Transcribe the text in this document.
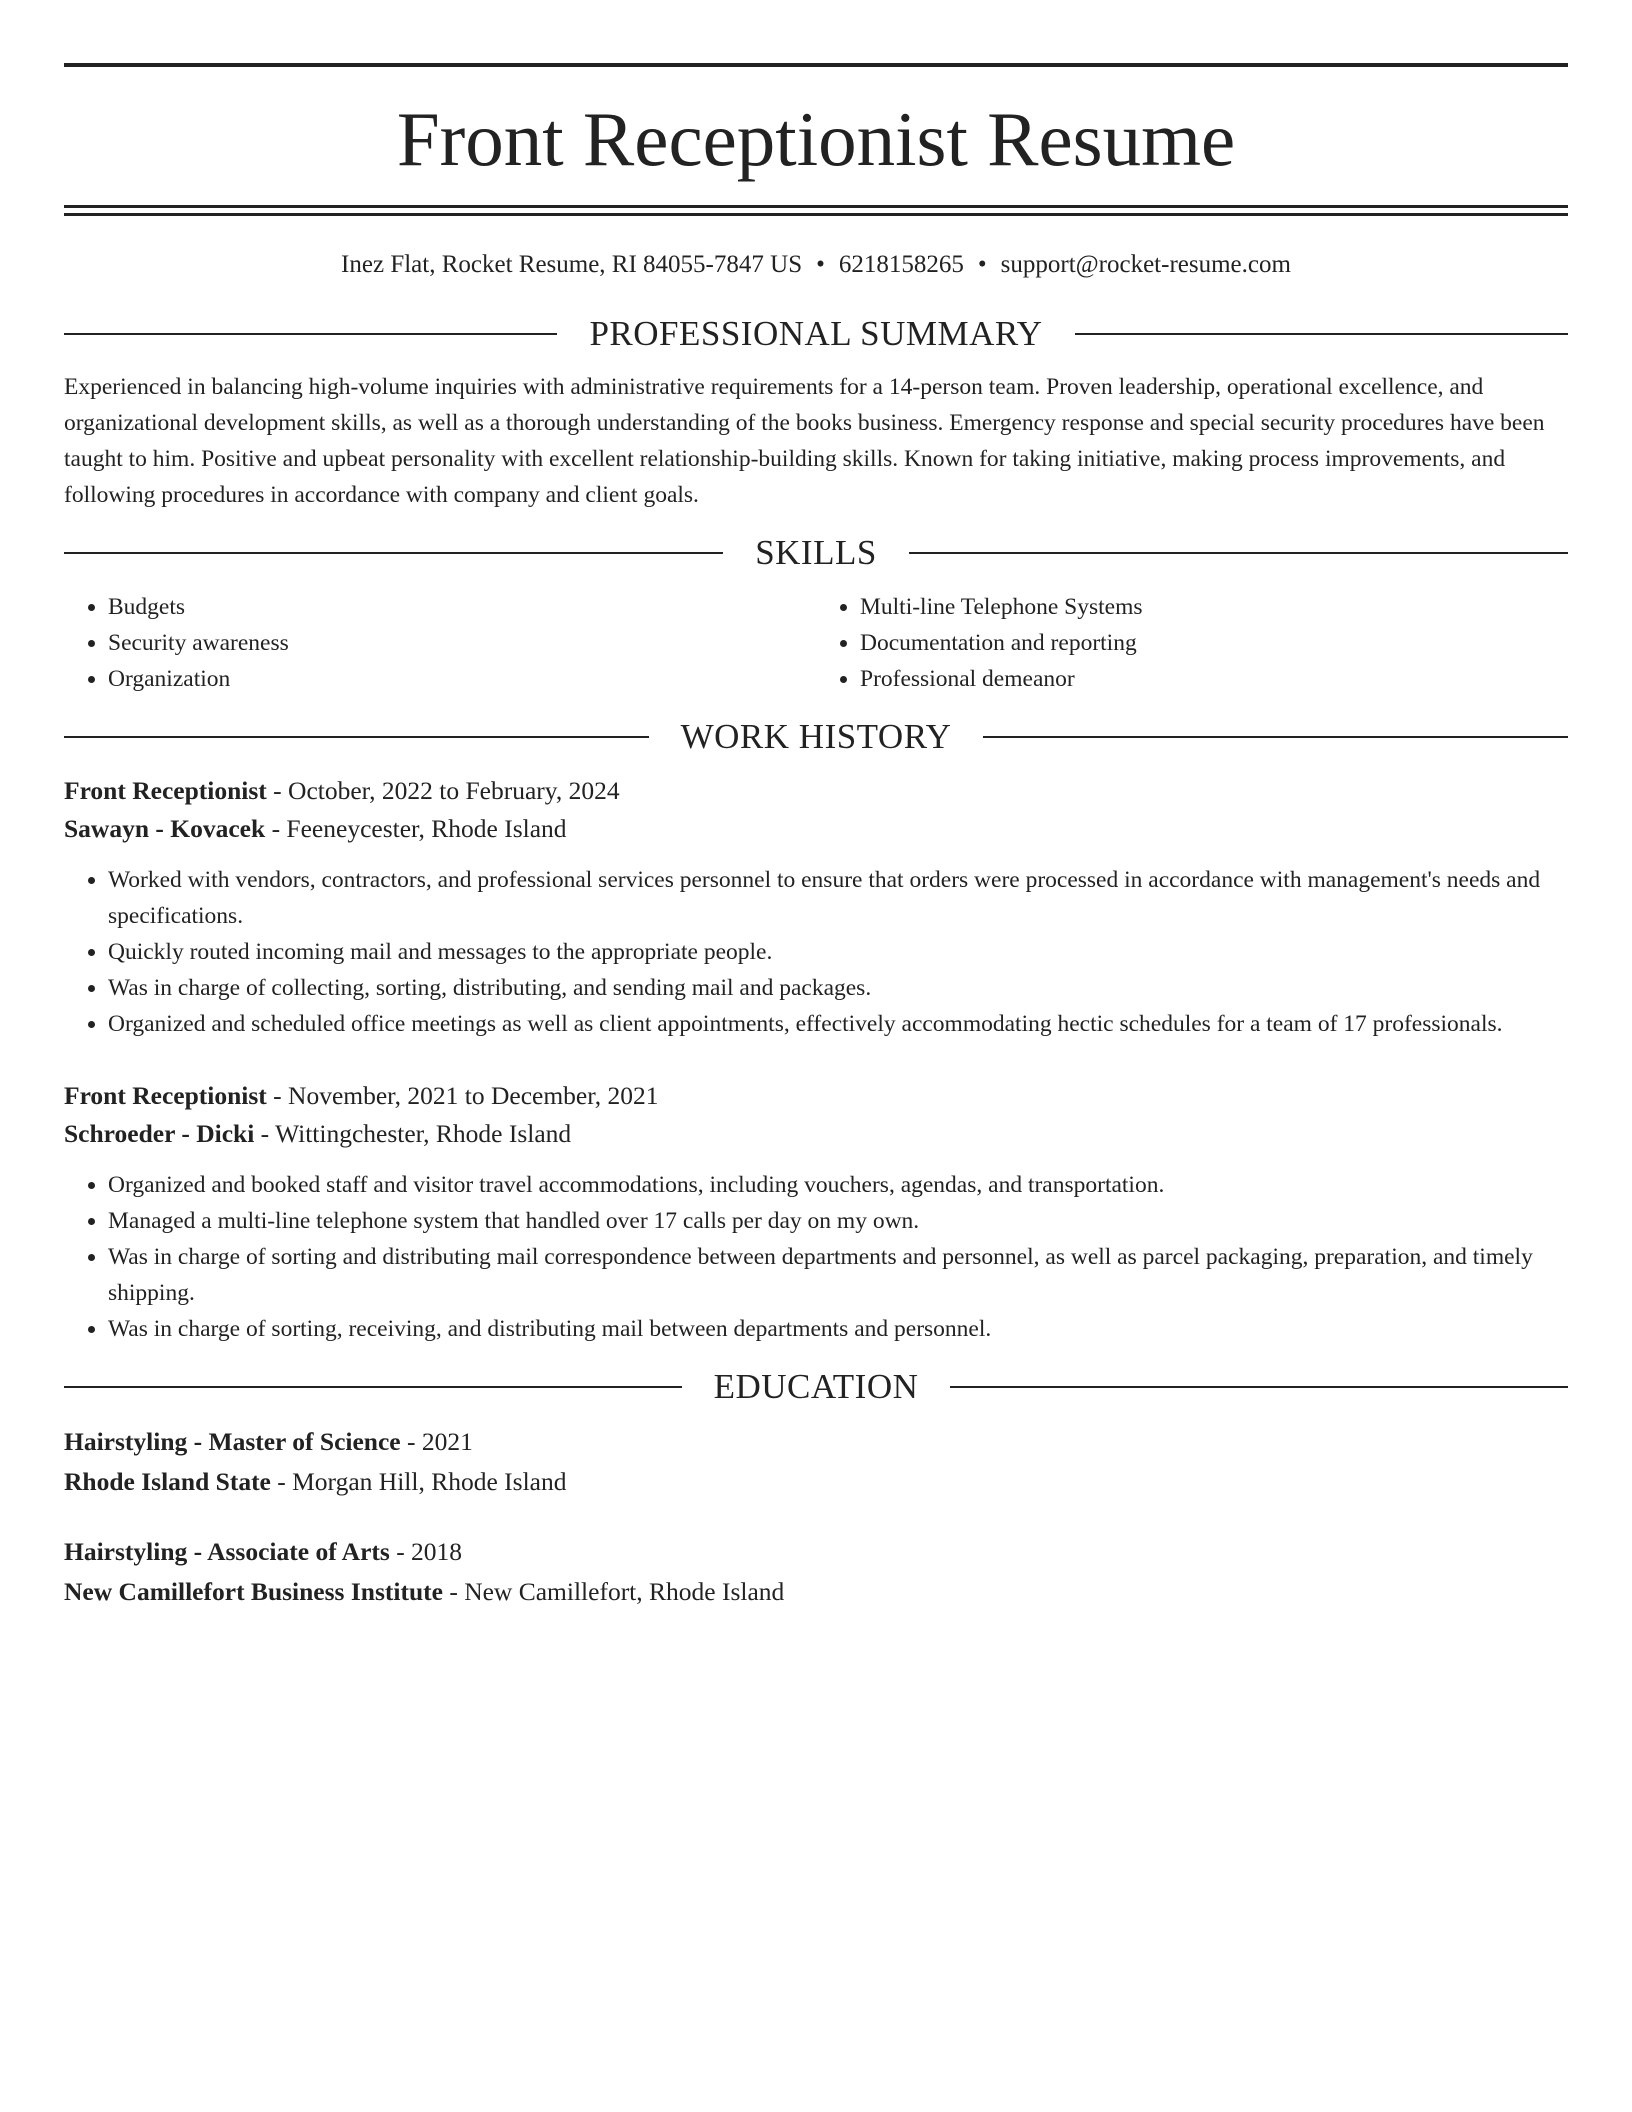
Front Receptionist Resume
Inez Flat, Rocket Resume, RI 84055-7847 US • 6218158265 • support@rocket-resume.com
PROFESSIONAL SUMMARY

Experienced in balancing high-volume inquiries with administrative requirements for a 14-person team. Proven leadership, operational excellence, and organizational development skills, as well as a thorough understanding of the books business. Emergency response and special security procedures have been taught to him. Positive and upbeat personality with excellent relationship-building skills. Known for taking initiative, making process improvements, and following procedures in accordance with company and client goals.

SKILLS
• Budgets
• Security awareness
• Organization
• Multi-line Telephone Systems
• Documentation and reporting
• Professional demeanor
WORK HISTORY

Front Receptionist - October, 2022 to February, 2024

Sawayn - Kovacek - Feeneycester, Rhode Island

• Worked with vendors, contractors, and professional services personnel to ensure that orders were processed in accordance with management's needs and specifications.
• Quickly routed incoming mail and messages to the appropriate people.
• Was in charge of collecting, sorting, distributing, and sending mail and packages.
• Organized and scheduled office meetings as well as client appointments, effectively accommodating hectic schedules for a team of 17 professionals.

Front Receptionist - November, 2021 to December, 2021

Schroeder - Dicki - Wittingchester, Rhode Island

• Organized and booked staff and visitor travel accommodations, including vouchers, agendas, and transportation.
• Managed a multi-line telephone system that handled over 17 calls per day on my own.
• Was in charge of sorting and distributing mail correspondence between departments and personnel, as well as parcel packaging, preparation, and timely shipping.
• Was in charge of sorting, receiving, and distributing mail between departments and personnel.
EDUCATION

Hairstyling - Master of Science - 2021

Rhode Island State - Morgan Hill, Rhode Island

Hairstyling - Associate of Arts - 2018

New Camillefort Business Institute - New Camillefort, Rhode Island
